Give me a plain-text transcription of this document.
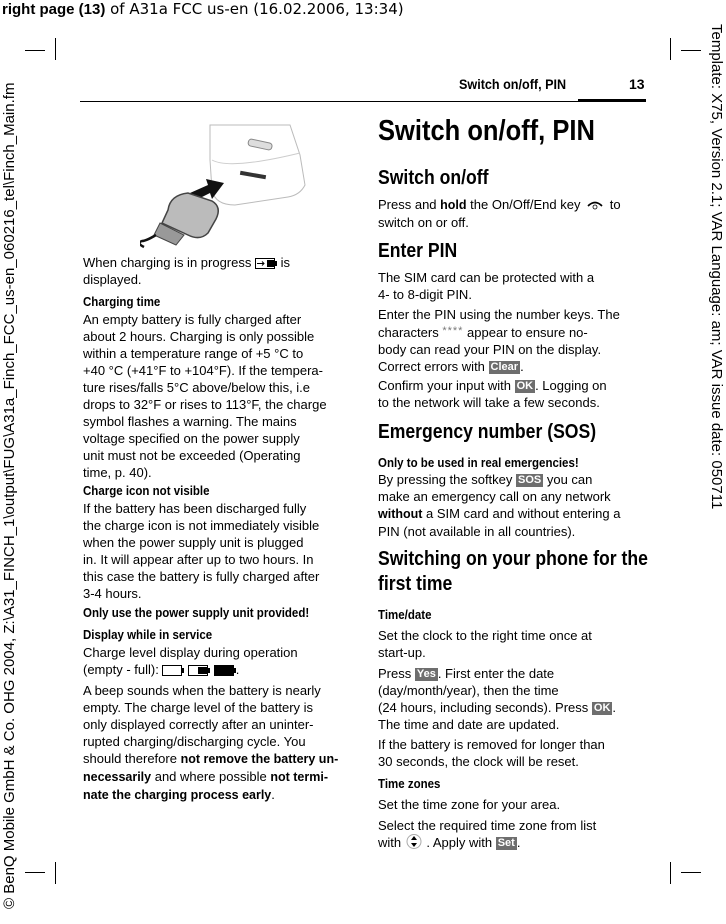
right page (13) of A31a FCC us-en (16.02.2006, 13:34)
© BenQ Mobile GmbH & Co. OHG 2004, Z:\A31_FINCH_1\output\FUG\A31a_Finch_FCC_us-en_060216_tel\Finch_Main.fm	Template: X75, Version 2.1; VAR Language: am; VAR issue date: 050711
Switch on/off, PIN	13
When charging is in progress  is
displayed.
Charging time
An empty battery is fully charged after
about 2 hours. Charging is only possible
within a temperature range of +5 °C to
+40 °C (+41°F to +104°F). If the tempera-
ture rises/falls 5°C above/below this, i.e
drops to 32°F or rises to 113°F, the charge
symbol flashes a warning. The mains
voltage specified on the power supply
unit must not be exceeded (Operating
time, p. 40).
Charge icon not visible
If the battery has been discharged fully
the charge icon is not immediately visible
when the power supply unit is plugged
in. It will appear after up to two hours. In
this case the battery is fully charged after
3-4 hours.
Only use the power supply unit provided!
Display while in service
Charge level display during operation
(empty - full):	.
A beep sounds when the battery is nearly
empty. The charge level of the battery is
only displayed correctly after an uninter-
rupted charging/discharging cycle. You
should therefore not remove the battery un-
necessarily and where possible not termi-
nate the charging process early.
Switch on/off, PIN
Switch on/off
Press and hold the On/Off/End key  to
switch on or off.
Enter PIN
The SIM card can be protected with a
4- to 8-digit PIN.
Enter the PIN using the number keys. The
characters **** appear to ensure no-
body can read your PIN on the display.
Correct errors with Clear .
Confirm your input with OK . Logging on
to the network will take a few seconds.
Emergency number (SOS)
Only to be used in real emergencies!
By pressing the softkey SOS you can
make an emergency call on any network
without a SIM card and without entering a
PIN (not available in all countries).
Switching on your phone for the
first time
Time/date
Set the clock to the right time once at
start-up.
Press Yes . First enter the date
(day/month/year), then the time
(24 hours, including seconds). Press OK .
The time and date are updated.
If the battery is removed for longer than
30 seconds, the clock will be reset.
Time zones
Set the time zone for your area.
Select the required time zone from list
with  . Apply with Set .
